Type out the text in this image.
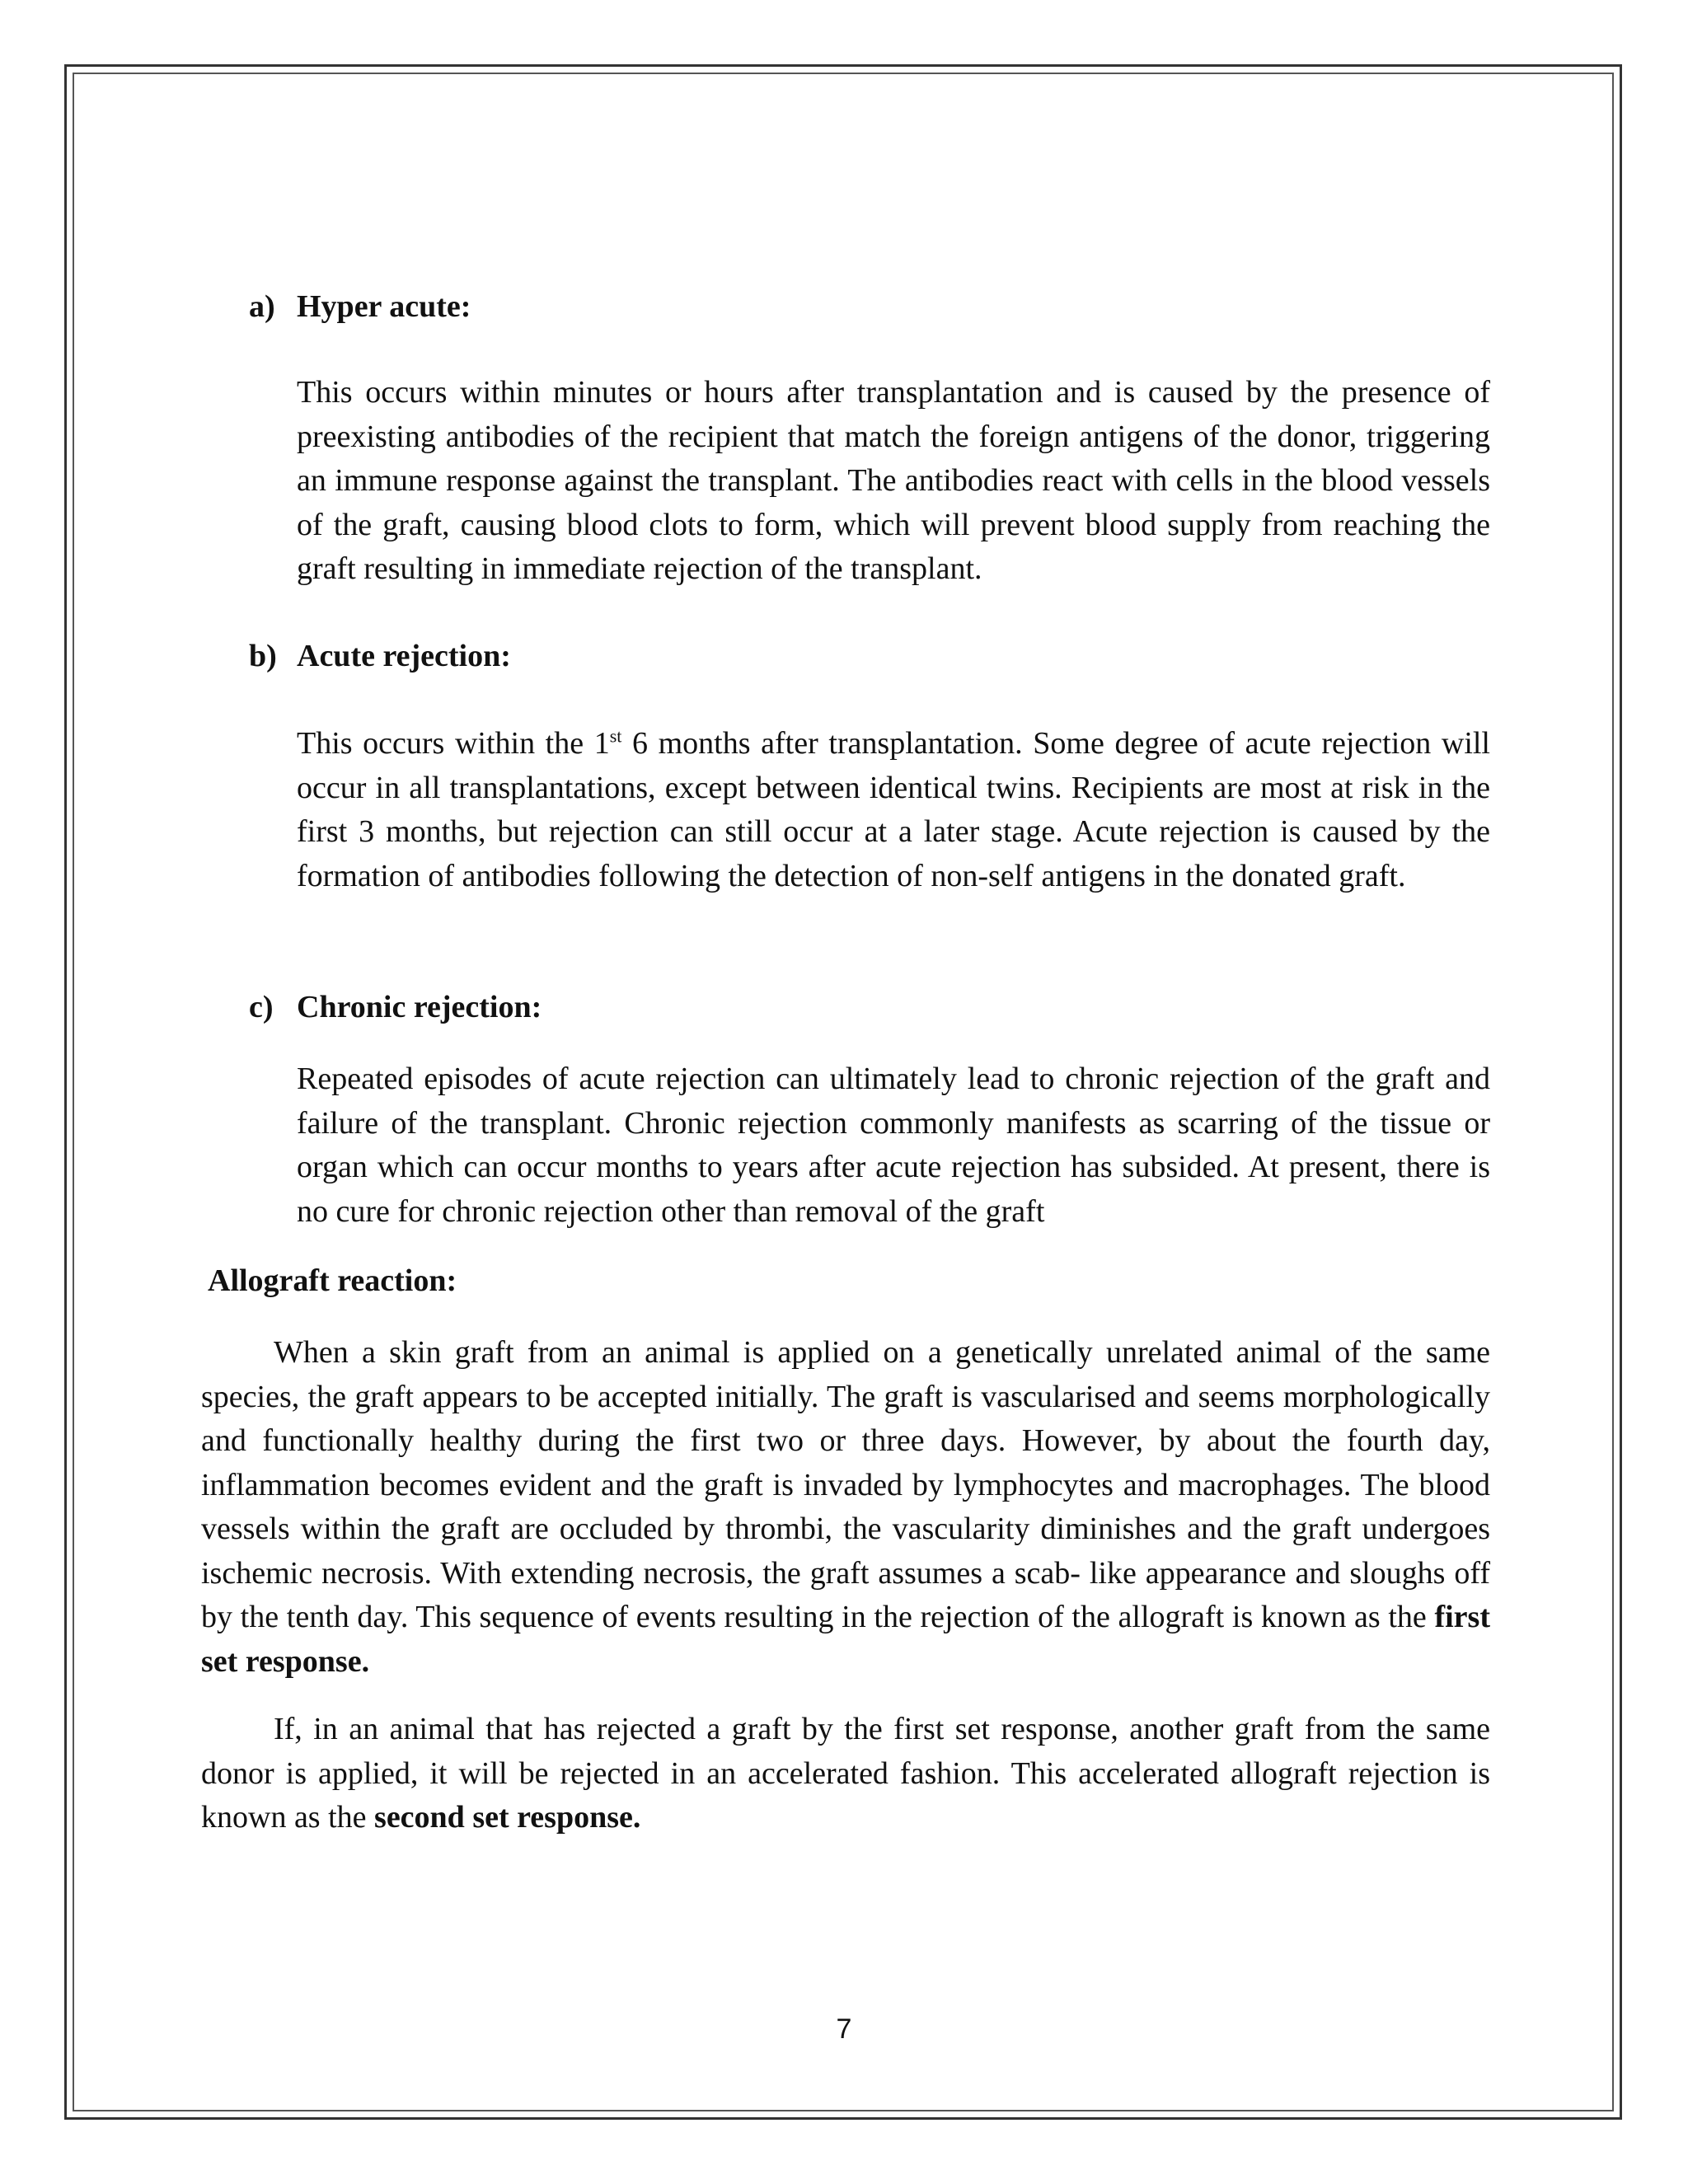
a) Hyper acute:
This occurs within minutes or hours after transplantation and is caused by the presence of preexisting antibodies of the recipient that match the foreign antigens of the donor, triggering an immune response against the transplant. The antibodies react with cells in the blood vessels of the graft, causing blood clots to form, which will prevent blood supply from reaching the graft resulting in immediate rejection of the transplant.
b) Acute rejection:
This occurs within the 1st 6 months after transplantation. Some degree of acute rejection will occur in all transplantations, except between identical twins. Recipients are most at risk in the first 3 months, but rejection can still occur at a later stage. Acute rejection is caused by the formation of antibodies following the detection of non-self antigens in the donated graft.
c) Chronic rejection:
Repeated episodes of acute rejection can ultimately lead to chronic rejection of the graft and failure of the transplant. Chronic rejection commonly manifests as scarring of the tissue or organ which can occur months to years after acute rejection has subsided. At present, there is no cure for chronic rejection other than removal of the graft
Allograft reaction:
When a skin graft from an animal is applied on a genetically unrelated animal of the same species, the graft appears to be accepted initially. The graft is vascularised and seems morphologically and functionally healthy during the first two or three days. However, by about the fourth day, inflammation becomes evident and the graft is invaded by lymphocytes and macrophages. The blood vessels within the graft are occluded by thrombi, the vascularity diminishes and the graft undergoes ischemic necrosis. With extending necrosis, the graft assumes a scab- like appearance and sloughs off by the tenth day. This sequence of events resulting in the rejection of the allograft is known as the first set response.
If, in an animal that has rejected a graft by the first set response, another graft from the same donor is applied, it will be rejected in an accelerated fashion. This accelerated allograft rejection is known as the second set response.
7
